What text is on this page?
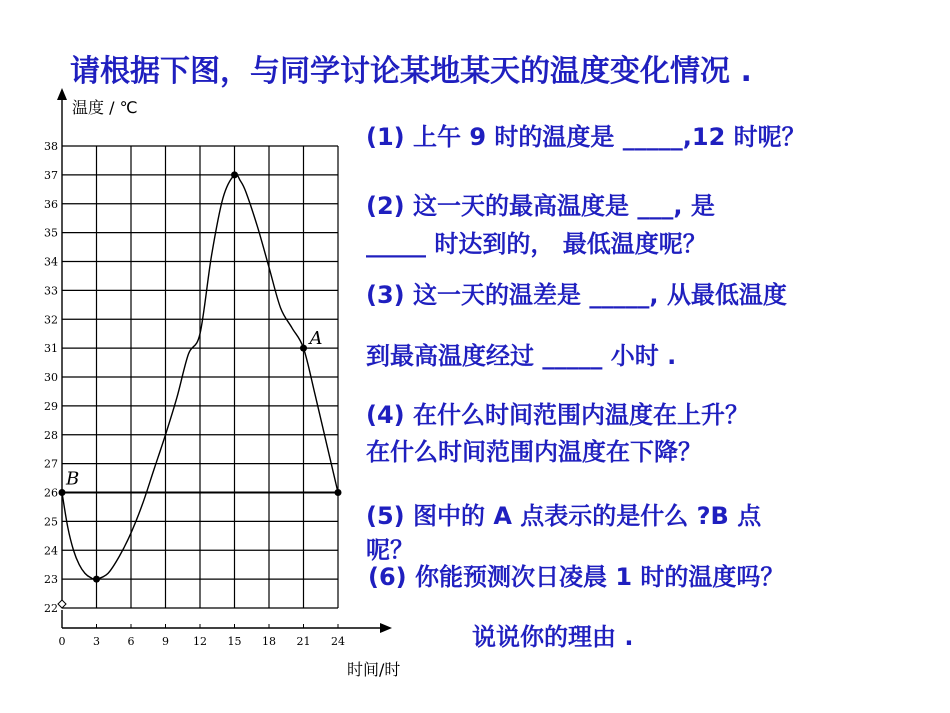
请根据下图，与同学讨论某地某天的温度变化情况 .
(1) 上午 9 时的温度是 _____,12 时呢？
(2) 这一天的最高温度是 ___, 是
_____ 时达到的， 最低温度呢？
(3) 这一天的温差是 _____, 从最低温度
到最高温度经过 _____ 小时 .
(4) 在什么时间范围内温度在上升？
在什么时间范围内温度在下降？
(5) 图中的 A 点表示的是什么 ?B 点
呢？
(6) 你能预测次日凌晨 1 时的温度吗？
说说你的理由 .
22
23
24
25
26
27
28
29
30
31
32
33
34
35
36
37
38
0	3	6	9 12 15 18 21 24
B
A
温度 / ℃
时间/时
